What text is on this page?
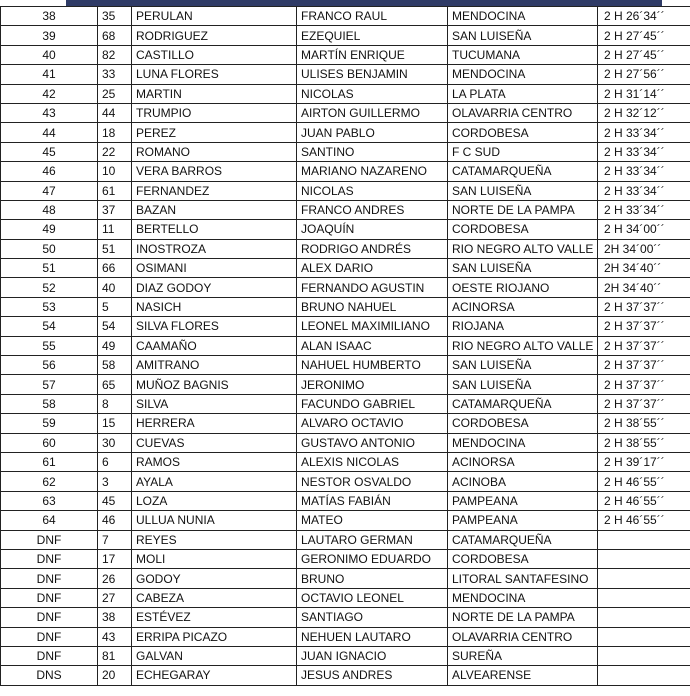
38	35	PERULAN	FRANCO RAUL	MENDOCINA	2 H 26´34´´
39	68	RODRIGUEZ	EZEQUIEL	SAN LUISEÑA	2 H 27´45´´
40	82	CASTILLO	MARTÍN ENRIQUE	TUCUMANA	2 H 27´45´´
41	33	LUNA FLORES	ULISES BENJAMIN	MENDOCINA	2 H 27´56´´
42	25	MARTIN	NICOLAS	LA PLATA	2 H 31´14´´
43	44	TRUMPIO	AIRTON GUILLERMO	OLAVARRIA CENTRO	2 H 32´12´´
44	18	PEREZ	JUAN PABLO	CORDOBESA	2 H 33´34´´
45	22	ROMANO	SANTINO	F C SUD	2 H 33´34´´
46	10	VERA BARROS	MARIANO NAZARENO	CATAMARQUEÑA	2 H 33´34´´
47	61	FERNANDEZ	NICOLAS	SAN LUISEÑA	2 H 33´34´´
48	37	BAZAN	FRANCO ANDRES	NORTE DE LA PAMPA	2 H 33´34´´
49	11	BERTELLO	JOAQUÍN	CORDOBESA	2 H 34´00´´
50	51	INOSTROZA	RODRIGO ANDRÉS	RIO NEGRO ALTO VALLE	2H 34´00´´
51	66	OSIMANI	ALEX DARIO	SAN LUISEÑA	2H 34´40´´
52	40	DIAZ GODOY	FERNANDO AGUSTIN	OESTE RIOJANO	2H 34´40´´
53	5	NASICH	BRUNO NAHUEL	ACINORSA	2 H 37´37´´
54	54	SILVA FLORES	LEONEL MAXIMILIANO	RIOJANA	2 H 37´37´´
55	49	CAAMAÑO	ALAN ISAAC	RIO NEGRO ALTO VALLE	2 H 37´37´´
56	58	AMITRANO	NAHUEL HUMBERTO	SAN LUISEÑA	2 H 37´37´´
57	65	MUÑOZ BAGNIS	JERONIMO	SAN LUISEÑA	2 H 37´37´´
58	8	SILVA	FACUNDO GABRIEL	CATAMARQUEÑA	2 H 37´37´´
59	15	HERRERA	ALVARO OCTAVIO	CORDOBESA	2 H 38´55´´
60	30	CUEVAS	GUSTAVO ANTONIO	MENDOCINA	2 H 38´55´´
61	6	RAMOS	ALEXIS NICOLAS	ACINORSA	2 H 39´17´´
62	3	AYALA	NESTOR OSVALDO	ACINOBA	2 H 46´55´´
63	45	LOZA	MATÍAS FABIÁN	PAMPEANA	2 H 46´55´´
64	46	ULLUA NUNIA	MATEO	PAMPEANA	2 H 46´55´´
DNF	7	REYES	LAUTARO GERMAN	CATAMARQUEÑA	
DNF	17	MOLI	GERONIMO EDUARDO	CORDOBESA	
DNF	26	GODOY	BRUNO	LITORAL SANTAFESINO	
DNF	27	CABEZA	OCTAVIO LEONEL	MENDOCINA	
DNF	38	ESTÉVEZ	SANTIAGO	NORTE DE LA PAMPA	
DNF	43	ERRIPA PICAZO	NEHUEN LAUTARO	OLAVARRIA CENTRO	
DNF	81	GALVAN	JUAN IGNACIO	SUREÑA	
DNS	20	ECHEGARAY	JESUS ANDRES	ALVEARENSE	
